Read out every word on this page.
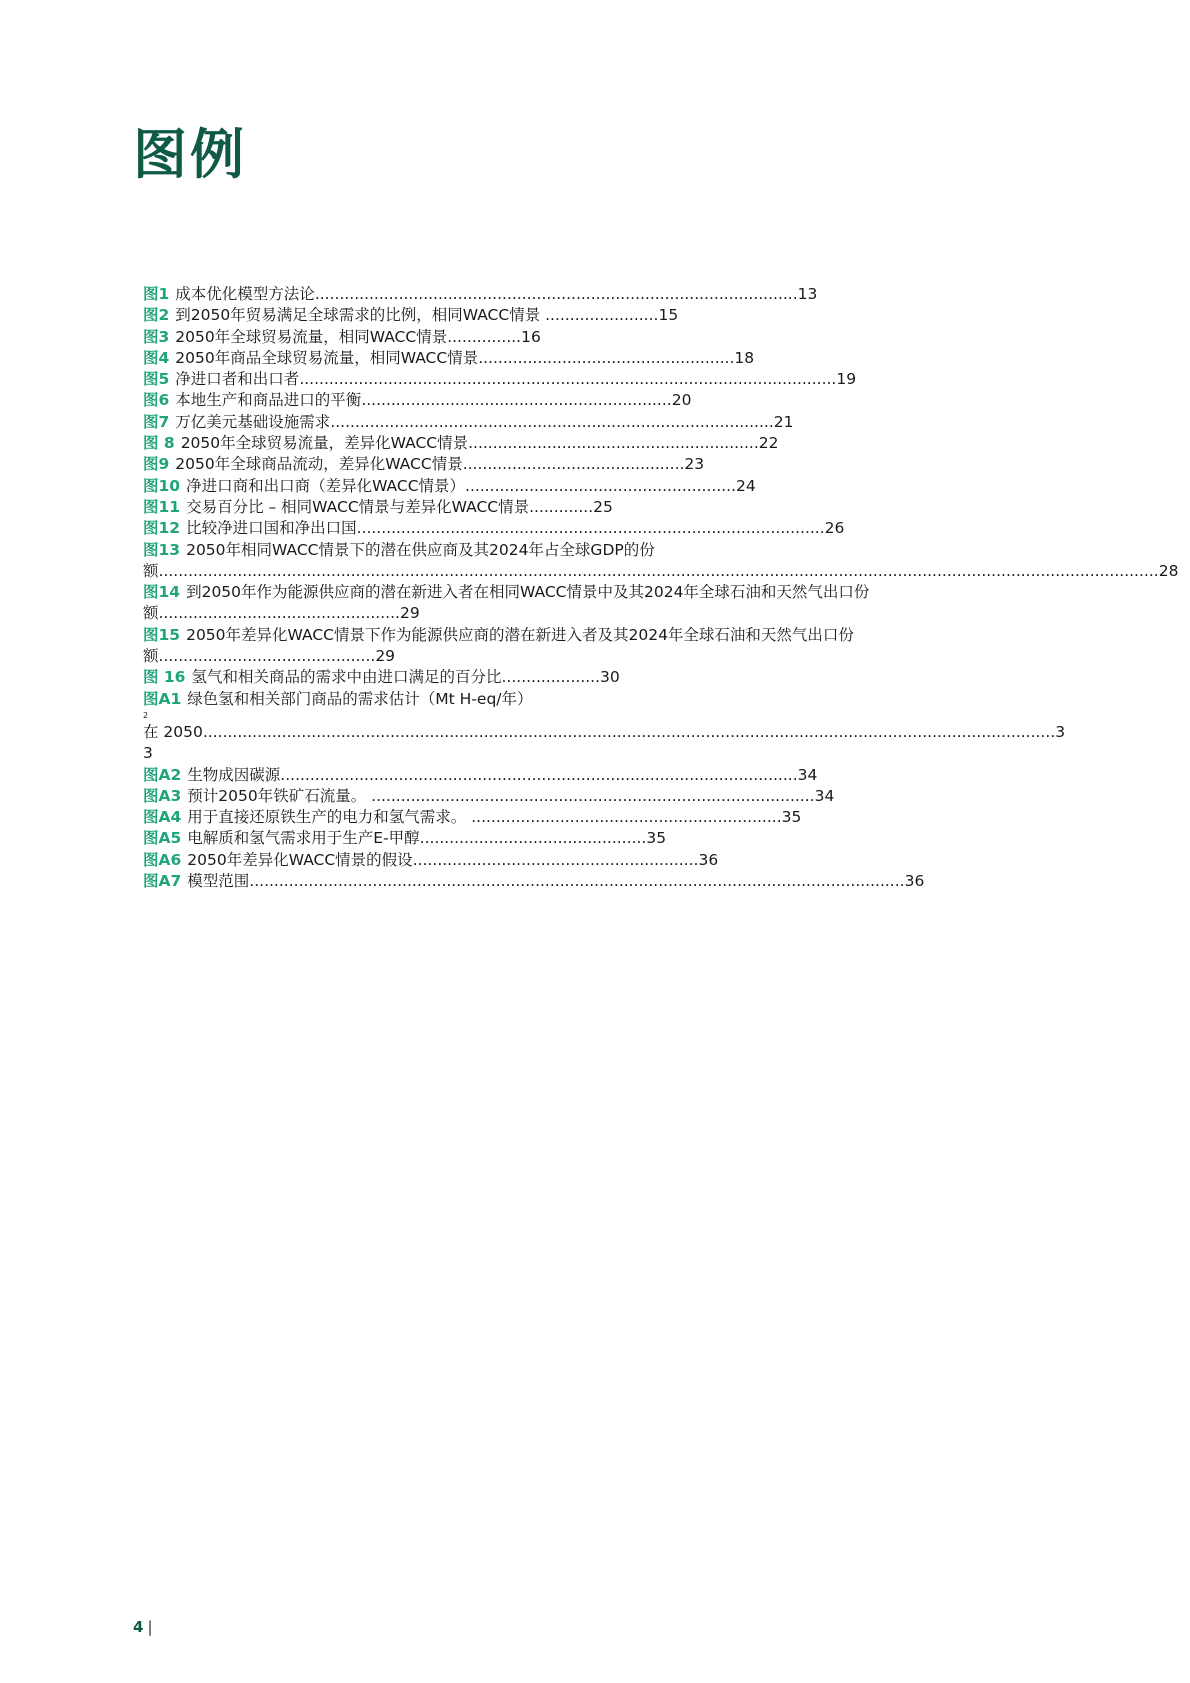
图例
图1 成本优化模型方法论..................................................................................................13
图2 到2050年贸易满足全球需求的比例，相同WACC情景 .......................15
图3 2050年全球贸易流量，相同WACC情景...............16
图4 2050年商品全球贸易流量，相同WACC情景....................................................18
图5 净进口者和出口者.............................................................................................................19
图6 本地生产和商品进口的平衡...............................................................20
图7 万亿美元基础设施需求..........................................................................................21
图 8 2050年全球贸易流量，差异化WACC情景...........................................................22
图9 2050年全球商品流动，差异化WACC情景.............................................23
图10 净进口商和出口商（差异化WACC情景）.......................................................24
图11 交易百分比 – 相同WACC情景与差异化WACC情景.............25
图12 比较净进口国和净出口国...............................................................................................26
图13 2050年相同WACC情景下的潜在供应商及其2024年占全球GDP的份额...........................................................................................................................................................................................................28
图14 到2050年作为能源供应商的潜在新进入者在相同WACC情景中及其2024年全球石油和天然气出口份额.................................................29
图15 2050年差异化WACC情景下作为能源供应商的潜在新进入者及其2024年全球石油和天然气出口份额............................................29
图 16 氢气和相关商品的需求中由进口满足的百分比....................30
图A1 绿色氢和相关部门商品的需求估计（Mt H-eq/年）
2
在 2050.............................................................................................................................................................................3
3
图A2 生物成因碳源.........................................................................................................34
图A3 预计2050年铁矿石流量。 ..........................................................................................34
图A4 用于直接还原铁生产的电力和氢气需求。 ...............................................................35
图A5 电解质和氢气需求用于生产E-甲醇..............................................35
图A6 2050年差异化WACC情景的假设..........................................................36
图A7 模型范围.....................................................................................................................................36
4 |
